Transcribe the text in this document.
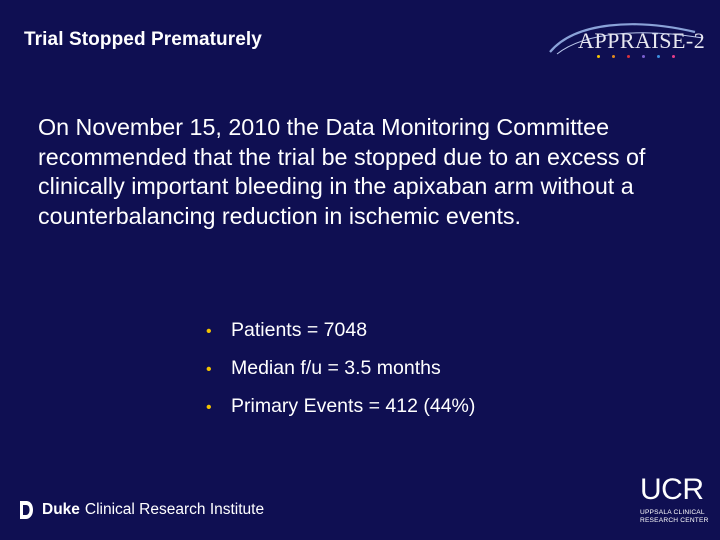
Trial Stopped Prematurely	APPRAISE-2
On November 15, 2010 the Data Monitoring Committee recommended that the trial be stopped due to an excess of clinically important bleeding in the apixaban arm without a counterbalancing reduction in ischemic events.
• Patients = 7048
• Median f/u = 3.5 months
• Primary Events = 412 (44%)
Duke Clinical Research Institute
UCR
UPPSALA CLINICAL
RESEARCH CENTER
